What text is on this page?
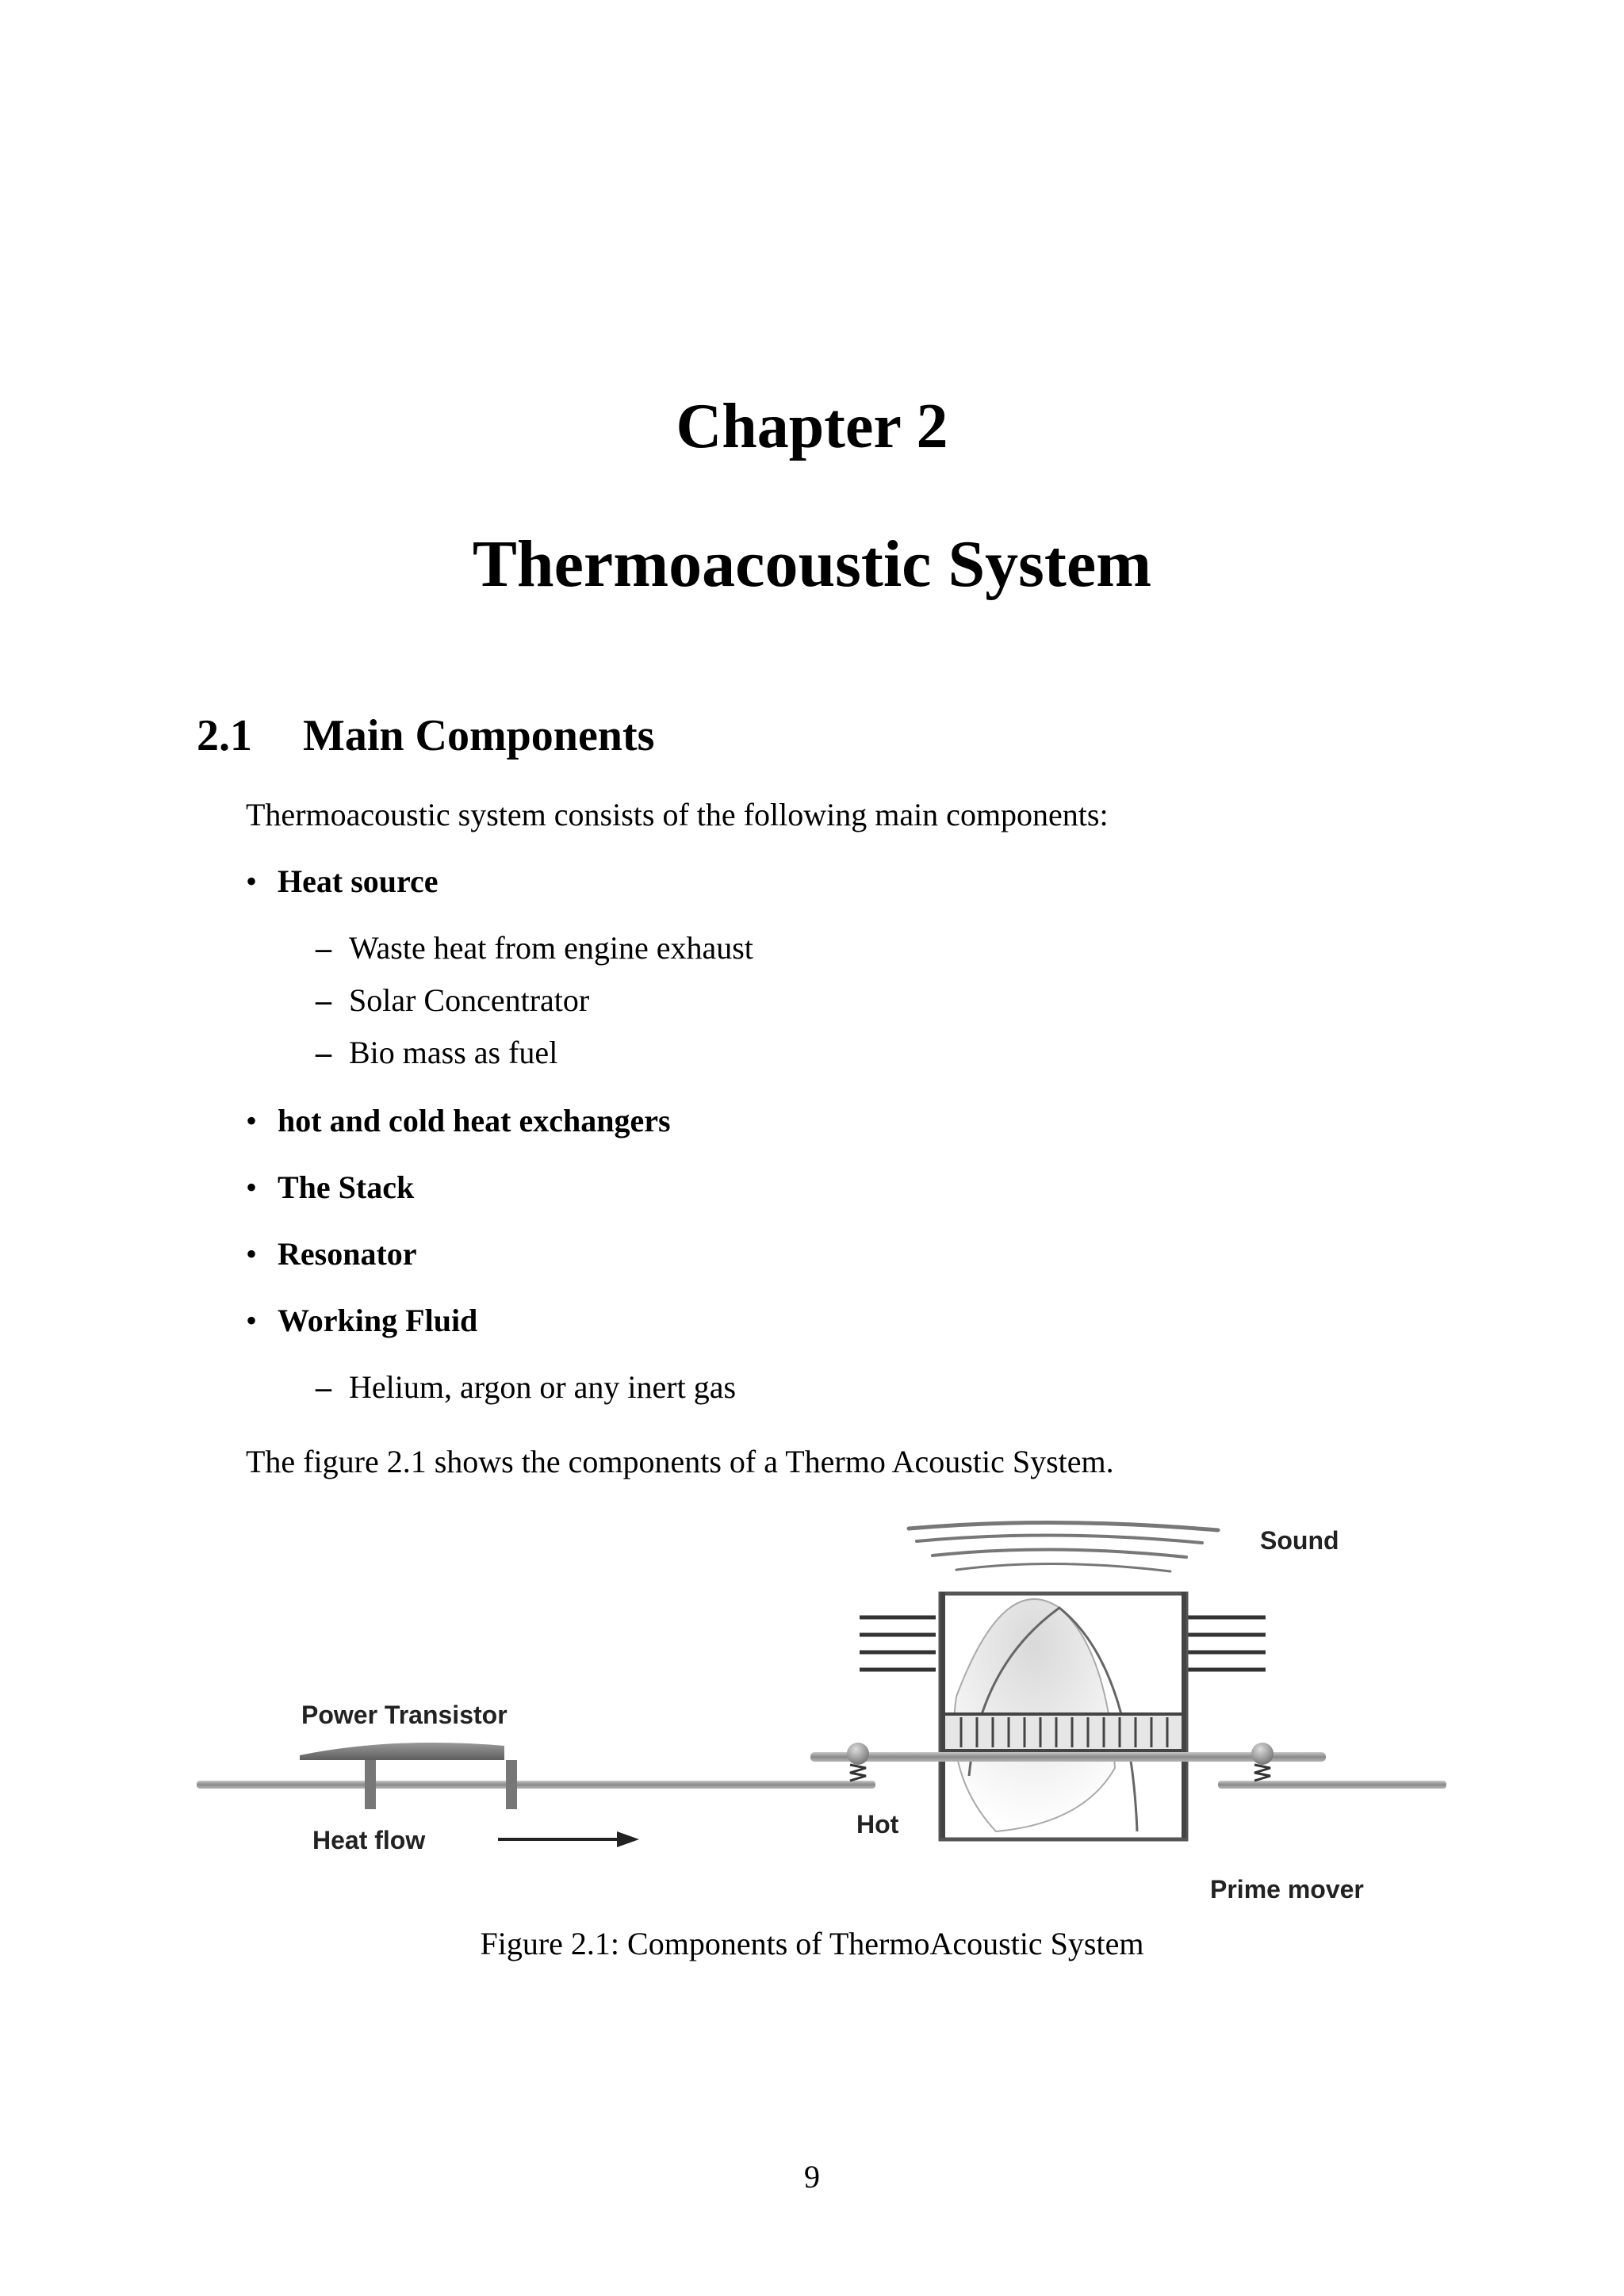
Chapter 2
Thermoacoustic System
2.1 Main Components
Thermoacoustic system consists of the following main components:
• Heat source
– Waste heat from engine exhaust
– Solar Concentrator
– Bio mass as fuel
• hot and cold heat exchangers
• The Stack
• Resonator
• Working Fluid
– Helium, argon or any inert gas
The figure 2.1 shows the components of a Thermo Acoustic System.
Sound
Power Transistor
Heat flow
Hot
Prime mover
Figure 2.1: Components of ThermoAcoustic System
9
